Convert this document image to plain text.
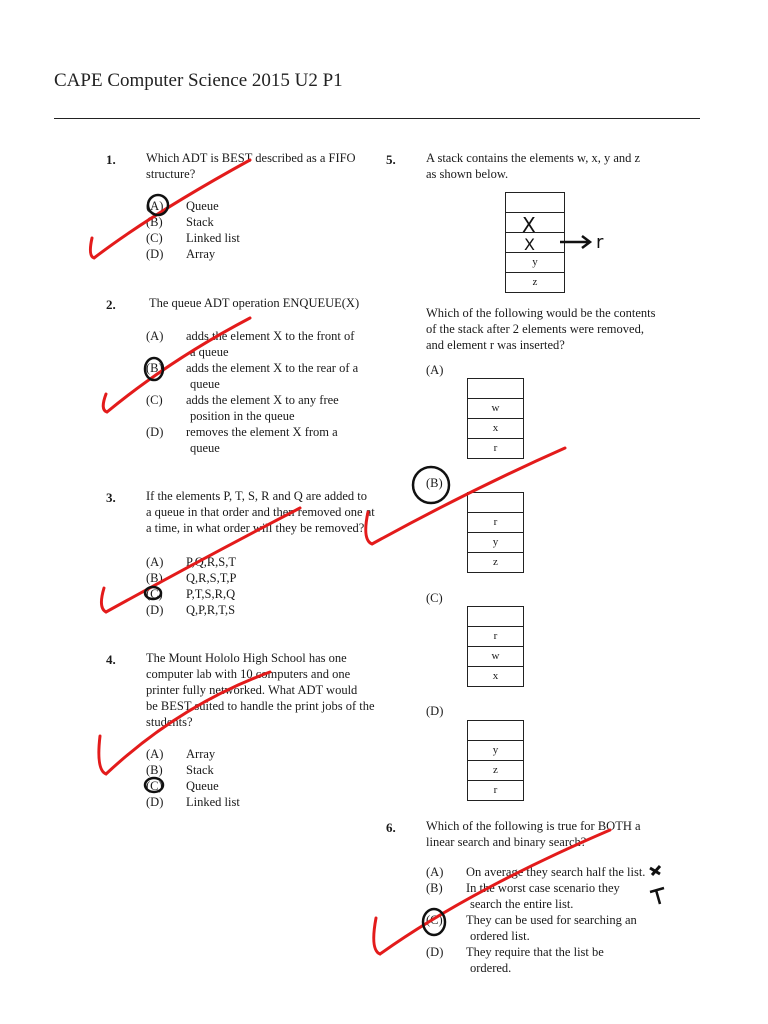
CAPE Computer Science 2015 U2 P1
1. Which ADT is BEST described as a FIFO
structure?
(A) Queue
(B) Stack
(C) Linked list
(D) Array
2.	The queue ADT operation ENQUEUE(X)
(A)	adds the element X to the front of
a queue
(B)	adds the element X to the rear of a
queue
(C)	adds the element X to any free
position in the queue
(D)	removes the element X from a
queue
3. If the elements P, T, S, R and Q are added to
a queue in that order and then removed one at
a time, in what order will they be removed?
(A) P,Q,R,S,T
(B) Q,R,S,T,P
(C) P,T,S,R,Q
(D) Q,P,R,T,S
4. The Mount Hololo High School has one
computer lab with 10 computers and one
printer fully networked. What ADT would
be BEST suited to handle the print jobs of the
students?
(A) Array
(B) Stack
(C) Queue
(D) Linked list
5. A stack contains the elements w, x, y and z
as shown below.
y
z
Which of the following would be the contents
of the stack after 2 elements were removed,
and element r was inserted?
(A)
w
x
r
(B)
r
y
z
(C)
r
w
x
(D)
y
z
r
6. Which of the following is true for BOTH a
linear search and binary search?
(A)	On average they search half the list.
(B)	In the worst case scenario they
search the entire list.
(C)	They can be used for searching an
ordered list.
(D)	They require that the list be
ordered.
X
X	r
